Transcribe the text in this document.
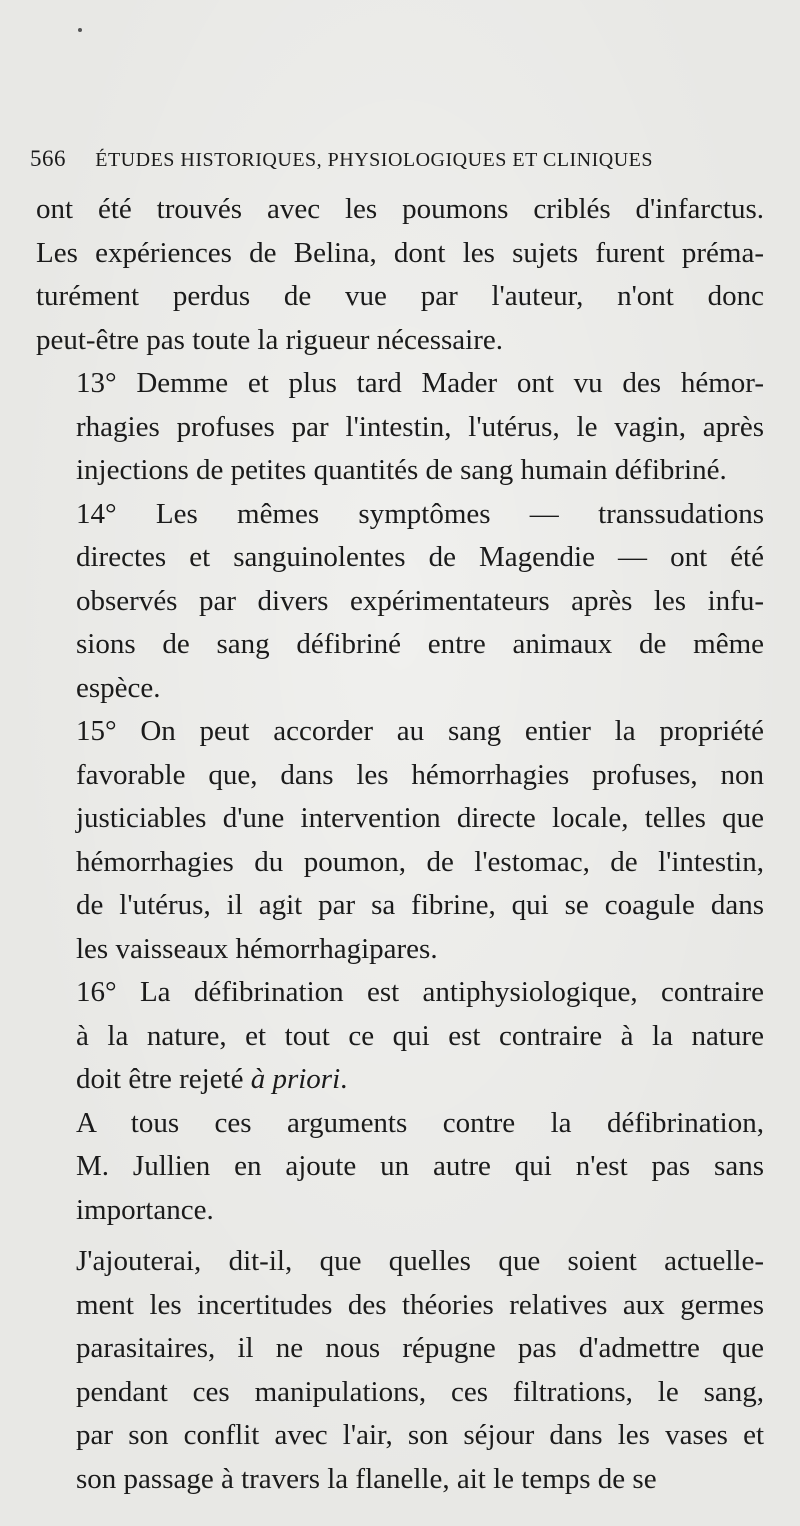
566 ÉTUDES HISTORIQUES, PHYSIOLOGIQUES ET CLINIQUES

ont été trouvés avec les poumons criblés d'infarctus.
Les expériences de Belina, dont les sujets furent préma-
turément perdus de vue par l'auteur, n'ont donc
peut-être pas toute la rigueur nécessaire.

13° Demme et plus tard Mader ont vu des hémor-
rhagies profuses par l'intestin, l'utérus, le vagin, après
injections de petites quantités de sang humain défibriné.

14° Les mêmes symptômes — transsudations
directes et sanguinolentes de Magendie — ont été
observés par divers expérimentateurs après les infu-
sions de sang défibriné entre animaux de même
espèce.

15° On peut accorder au sang entier la propriété
favorable que, dans les hémorrhagies profuses, non
justiciables d'une intervention directe locale, telles que
hémorrhagies du poumon, de l'estomac, de l'intestin,
de l'utérus, il agit par sa fibrine, qui se coagule dans
les vaisseaux hémorrhagipares.

16° La défibrination est antiphysiologique, contraire
à la nature, et tout ce qui est contraire à la nature
doit être rejeté à priori.

A tous ces arguments contre la défibrination,
M. Jullien en ajoute un autre qui n'est pas sans
importance.

J'ajouterai, dit-il, que quelles que soient actuelle-
ment les incertitudes des théories relatives aux germes
parasitaires, il ne nous répugne pas d'admettre que
pendant ces manipulations, ces filtrations, le sang,
par son conflit avec l'air, son séjour dans les vases et
son passage à travers la flanelle, ait le temps de se
